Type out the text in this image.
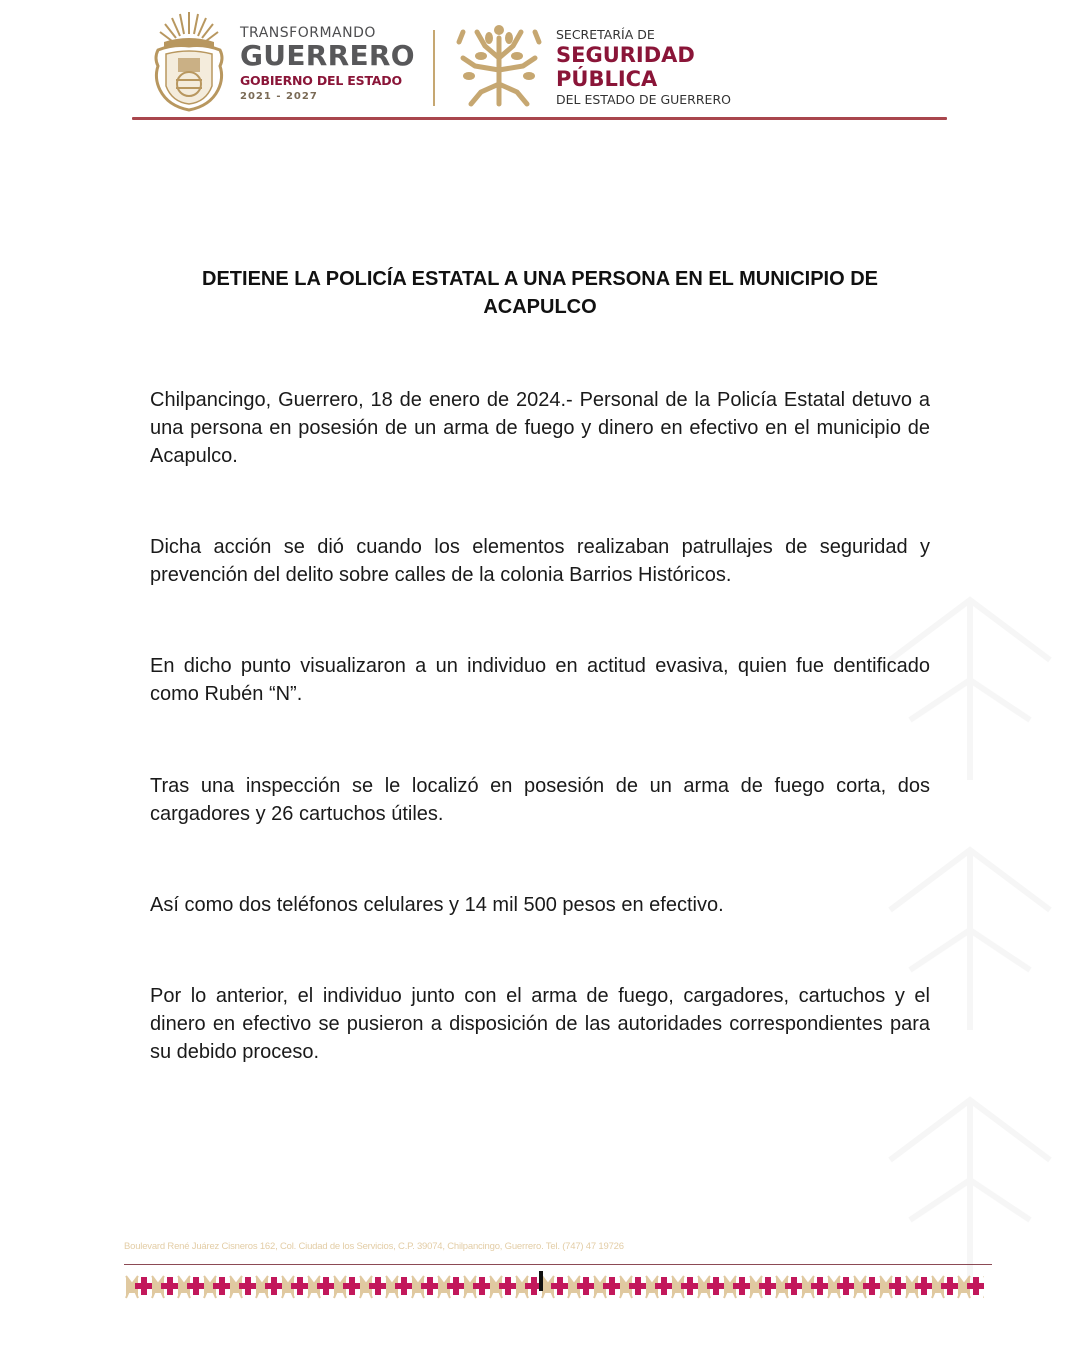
TRANSFORMANDO
GUERRERO
GOBIERNO DEL ESTADO
2021 - 2027
SECRETARÍA DE
SEGURIDAD
PÚBLICA
DEL ESTADO DE GUERRERO
DETIENE LA POLICÍA ESTATAL A UNA PERSONA EN EL MUNICIPIO DE ACAPULCO
Chilpancingo, Guerrero, 18 de enero de 2024.- Personal de la Policía Estatal detuvo a una persona en posesión de un arma de fuego y dinero en efectivo en el municipio de Acapulco.
Dicha acción se dió cuando los elementos realizaban patrullajes de seguridad y prevención del delito sobre calles de la colonia Barrios Históricos.
En dicho punto visualizaron a un individuo en actitud evasiva, quien fue dentificado como Rubén “N”.
Tras una inspección se le localizó en posesión de un arma de fuego corta, dos cargadores y 26 cartuchos útiles.
Así como dos teléfonos celulares y 14 mil 500 pesos en efectivo.
Por lo anterior, el individuo junto con el arma de fuego, cargadores, cartuchos y el dinero en efectivo se pusieron a disposición de las autoridades correspondientes para su debido proceso.
Boulevard René Juárez Cisneros 162, Col. Ciudad de los Servicios, C.P. 39074, Chilpancingo, Guerrero. Tel. (747) 47 19726
